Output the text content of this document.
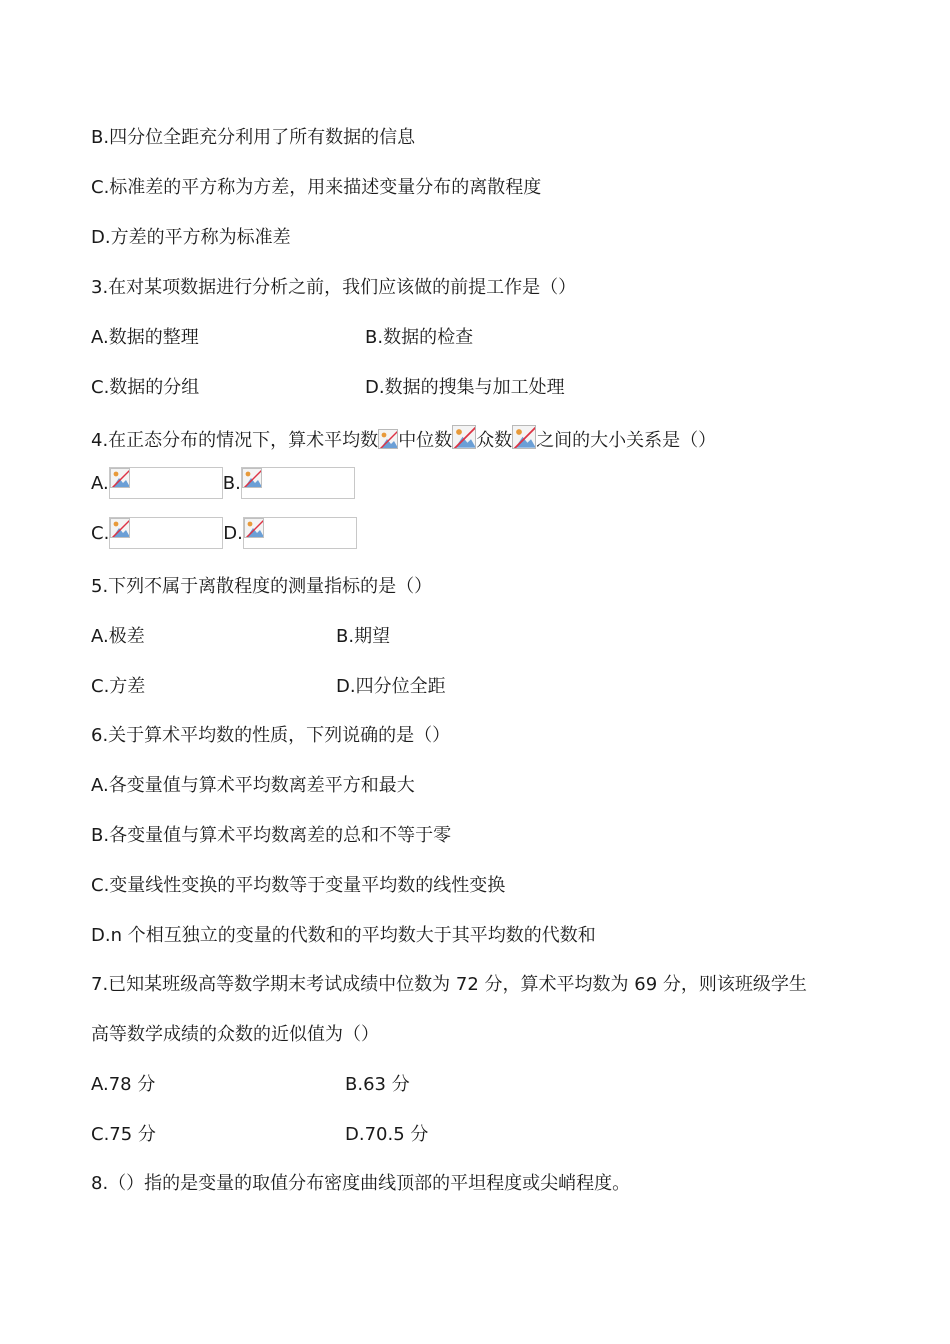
B.四分位全距充分利用了所有数据的信息
C.标准差的平方称为方差，用来描述变量分布的离散程度
D.方差的平方称为标准差
3.在对某项数据进行分析之前，我们应该做的前提工作是（）
A.数据的整理	B.数据的检查
C.数据的分组	D.数据的搜集与加工处理
4.在正态分布的情况下，算术平均数 中位数 众数 之间的大小关系是（）
A.	B.
C.	D.
5.下列不属于离散程度的测量指标的是（）
A.极差	B.期望
C.方差	D.四分位全距
6.关于算术平均数的性质，下列说确的是（）
A.各变量值与算术平均数离差平方和最大
B.各变量值与算术平均数离差的总和不等于零
C.变量线性变换的平均数等于变量平均数的线性变换
D.n 个相互独立的变量的代数和的平均数大于其平均数的代数和
7.已知某班级高等数学期末考试成绩中位数为 72 分，算术平均数为 69 分，则该班级学生
高等数学成绩的众数的近似值为（）
A.78 分	B.63 分
C.75 分	D.70.5 分
8.（）指的是变量的取值分布密度曲线顶部的平坦程度或尖峭程度。
